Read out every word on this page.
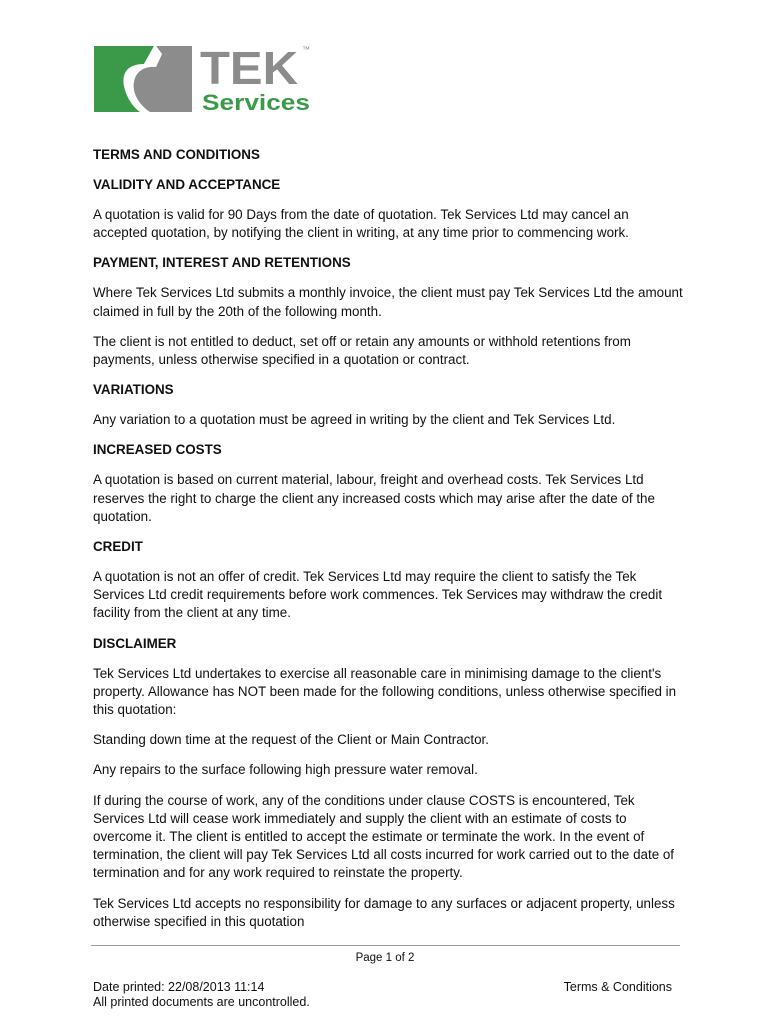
TEK ™
Services
TERMS AND CONDITIONS
VALIDITY AND ACCEPTANCE
A quotation is valid for 90 Days from the date of quotation. Tek Services Ltd may cancel an accepted quotation, by notifying the client in writing, at any time prior to commencing work.
PAYMENT, INTEREST AND RETENTIONS
Where Tek Services Ltd submits a monthly invoice, the client must pay Tek Services Ltd the amount claimed in full by the 20th of the following month.
The client is not entitled to deduct, set off or retain any amounts or withhold retentions from payments, unless otherwise specified in a quotation or contract.
VARIATIONS
Any variation to a quotation must be agreed in writing by the client and Tek Services Ltd.
INCREASED COSTS
A quotation is based on current material, labour, freight and overhead costs. Tek Services Ltd reserves the right to charge the client any increased costs which may arise after the date of the quotation.
CREDIT
A quotation is not an offer of credit. Tek Services Ltd may require the client to satisfy the Tek Services Ltd credit requirements before work commences. Tek Services may withdraw the credit facility from the client at any time.
DISCLAIMER
Tek Services Ltd undertakes to exercise all reasonable care in minimising damage to the client's property. Allowance has NOT been made for the following conditions, unless otherwise specified in this quotation:
Standing down time at the request of the Client or Main Contractor.
Any repairs to the surface following high pressure water removal.
If during the course of work, any of the conditions under clause COSTS is encountered, Tek Services Ltd will cease work immediately and supply the client with an estimate of costs to overcome it. The client is entitled to accept the estimate or terminate the work. In the event of termination, the client will pay Tek Services Ltd all costs incurred for work carried out to the date of termination and for any work required to reinstate the property.
Tek Services Ltd accepts no responsibility for damage to any surfaces or adjacent property, unless otherwise specified in this quotation
Page 1 of 2
Date printed: 22/08/2013 11:14
All printed documents are uncontrolled.
Terms & Conditions
